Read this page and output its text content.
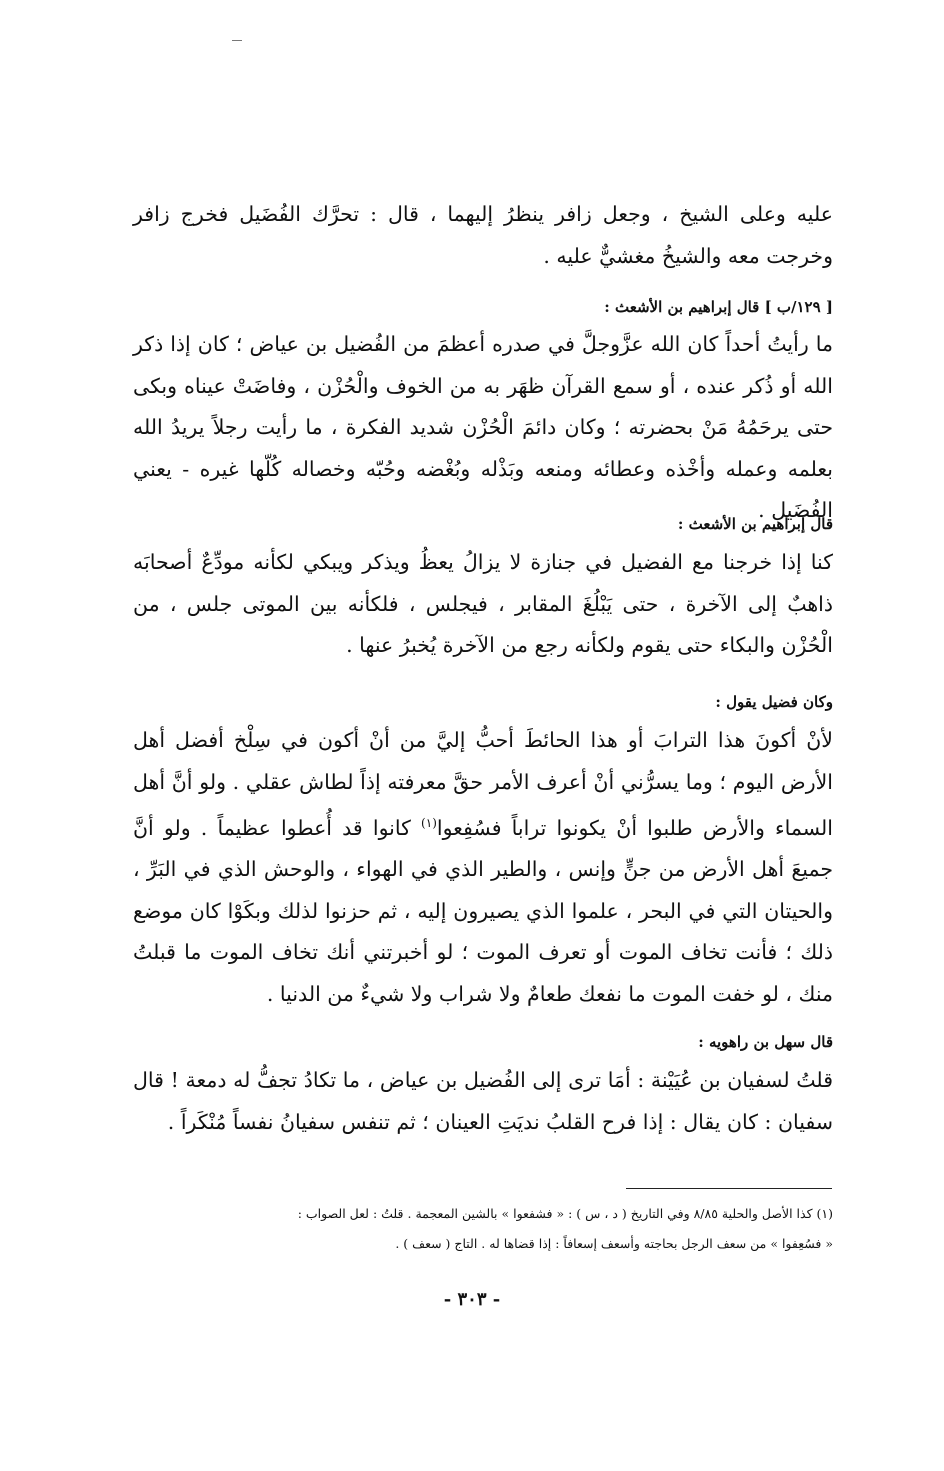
عليه وعلى الشيخ ، وجعل زافر ينظرُ إليهما ، قال : تحرَّك الفُضَيل فخرج زافر وخرجت معه والشيخُ مغشيٌّ عليه .

[ ١٢٩/ب ] قال إبراهيم بن الأشعث :

ما رأيتُ أحداً كان الله عزَّوجلَّ في صدره أعظمَ من الفُضيل بن عياض ؛ كان إذا ذكر الله أو ذُكر عنده ، أو سمع القرآن ظهَر به من الخوف والْحُزْن ، وفاضَتْ عيناه وبكى حتى يرحَمُهُ مَنْ بحضرته ؛ وكان دائمَ الْحُزْن شديد الفكرة ، ما رأيت رجلاً يريدُ الله بعلمه وعمله وأخْذه وعطائه ومنعه وبَذْله وبُغْضه وحُبّه وخصاله كُلّها غيره - يعني الفُضَيل .

قال إبراهيم بن الأشعث :

كنا إذا خرجنا مع الفضيل في جنازة لا يزالُ يعظُ ويذكر ويبكي لكأنه مودِّعٌ أصحابَه ذاهبٌ إلى الآخرة ، حتى يَبْلُغَ المقابر ، فيجلس ، فلكأنه بين الموتى جلس ، من الْحُزْن والبكاء حتى يقوم ولكأنه رجع من الآخرة يُخبرُ عنها .

وكان فضيل يقول :

لأنْ أكونَ هذا الترابَ أو هذا الحائطَ أحبُّ إليَّ من أنْ أكون في سِلْخ أفضل أهل الأرض اليوم ؛ وما يسرُّني أنْ أعرف الأمر حقَّ معرفته إذاً لطاش عقلي . ولو أنَّ أهل السماء والأرض طلبوا أنْ يكونوا تراباً فسُفِعوا$^{(١)}$ كانوا قد أُعطوا عظيماً . ولو أنَّ جميعَ أهل الأرض من جنٍّ وإنس ، والطير الذي في الهواء ، والوحش الذي في البَرِّ ، والحيتان التي في البحر ، علموا الذي يصيرون إليه ، ثم حزنوا لذلك وبكَوْا كان موضع ذلك ؛ فأنت تخاف الموت أو تعرف الموت ؛ لو أخبرتني أنك تخاف الموت ما قبلتُ منك ، لو خفت الموت ما نفعك طعامٌ ولا شراب ولا شيءٌ من الدنيا .

قال سهل بن راهويه :

قلتُ لسفيان بن عُيَيْنة : أمَا ترى إلى الفُضيل بن عياض ، ما تكادُ تجفُّ له دمعة ! قال سفيان : كان يقال : إذا فرح القلبُ نديَتِ العينان ؛ ثم تنفس سفيانُ نفساً مُنْكَراً .

(١) كذا الأصل والحلية ٨/٨٥ وفي التاريخ ( د ، س ) : « فشفعوا » بالشين المعجمة . قلتُ : لعل الصواب :

« فسُعِفوا » من سعف الرجل بحاجته وأسعف إسعافاً : إذا قضاها له . التاج ( سعف ) .

- ٣٠٣ -
